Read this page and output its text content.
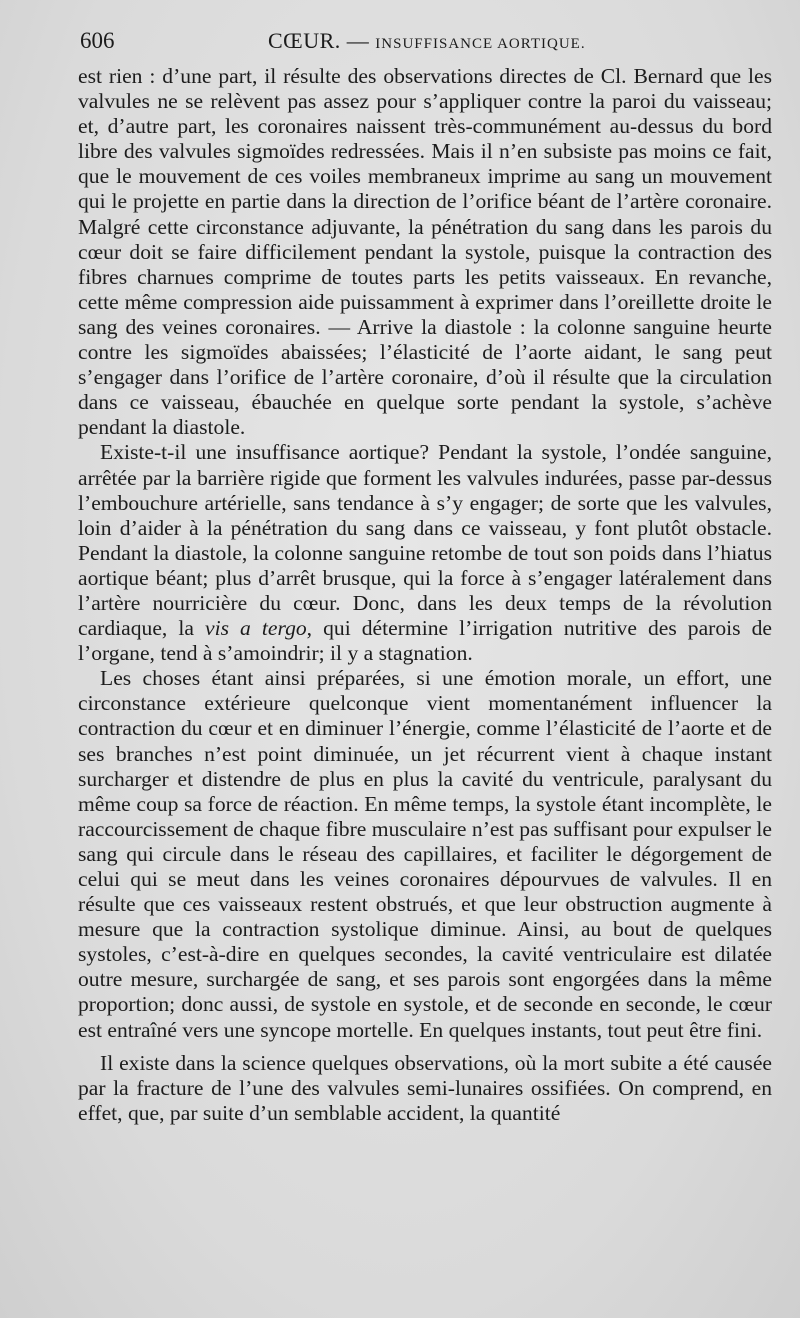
606	CŒUR. — INSUFFISANCE AORTIQUE.

est rien : d’une part, il résulte des observations directes de Cl. Bernard que les valvules ne se relèvent pas assez pour s’appliquer contre la paroi du vaisseau; et, d’autre part, les coronaires naissent très-communément au-dessus du bord libre des valvules sigmoïdes redressées. Mais il n’en subsiste pas moins ce fait, que le mouvement de ces voiles membraneux imprime au sang un mouvement qui le projette en partie dans la direction de l’orifice béant de l’artère coronaire. Malgré cette circonstance adjuvante, la pénétration du sang dans les parois du cœur doit se faire difficilement pendant la systole, puisque la contraction des fibres charnues comprime de toutes parts les petits vaisseaux. En revanche, cette même compression aide puissamment à exprimer dans l’oreillette droite le sang des veines coronaires. — Arrive la diastole : la colonne sanguine heurte contre les sigmoïdes abaissées; l’élasticité de l’aorte aidant, le sang peut s’engager dans l’orifice de l’artère coronaire, d’où il résulte que la circulation dans ce vaisseau, ébauchée en quelque sorte pendant la systole, s’achève pendant la diastole.

Existe-t-il une insuffisance aortique? Pendant la systole, l’ondée sanguine, arrêtée par la barrière rigide que forment les valvules indurées, passe par-dessus l’embouchure artérielle, sans tendance à s’y engager; de sorte que les valvules, loin d’aider à la pénétration du sang dans ce vaisseau, y font plutôt obstacle. Pendant la diastole, la colonne sanguine retombe de tout son poids dans l’hiatus aortique béant; plus d’arrêt brusque, qui la force à s’engager latéralement dans l’artère nourricière du cœur. Donc, dans les deux temps de la révolution cardiaque, la vis a tergo, qui détermine l’irrigation nutritive des parois de l’organe, tend à s’amoindrir; il y a stagnation.

Les choses étant ainsi préparées, si une émotion morale, un effort, une circonstance extérieure quelconque vient momentanément influencer la contraction du cœur et en diminuer l’énergie, comme l’élasticité de l’aorte et de ses branches n’est point diminuée, un jet récurrent vient à chaque instant surcharger et distendre de plus en plus la cavité du ventricule, paralysant du même coup sa force de réaction. En même temps, la systole étant incomplète, le raccourcissement de chaque fibre musculaire n’est pas suffisant pour expulser le sang qui circule dans le réseau des capillaires, et faciliter le dégorgement de celui qui se meut dans les veines coronaires dépourvues de valvules. Il en résulte que ces vaisseaux restent obstrués, et que leur obstruction augmente à mesure que la contraction systolique diminue. Ainsi, au bout de quelques systoles, c’est-à-dire en quelques secondes, la cavité ventriculaire est dilatée outre mesure, surchargée de sang, et ses parois sont engorgées dans la même proportion; donc aussi, de systole en systole, et de seconde en seconde, le cœur est entraîné vers une syncope mortelle. En quelques instants, tout peut être fini.

Il existe dans la science quelques observations, où la mort subite a été causée par la fracture de l’une des valvules semi-lunaires ossifiées. On comprend, en effet, que, par suite d’un semblable accident, la quantité
